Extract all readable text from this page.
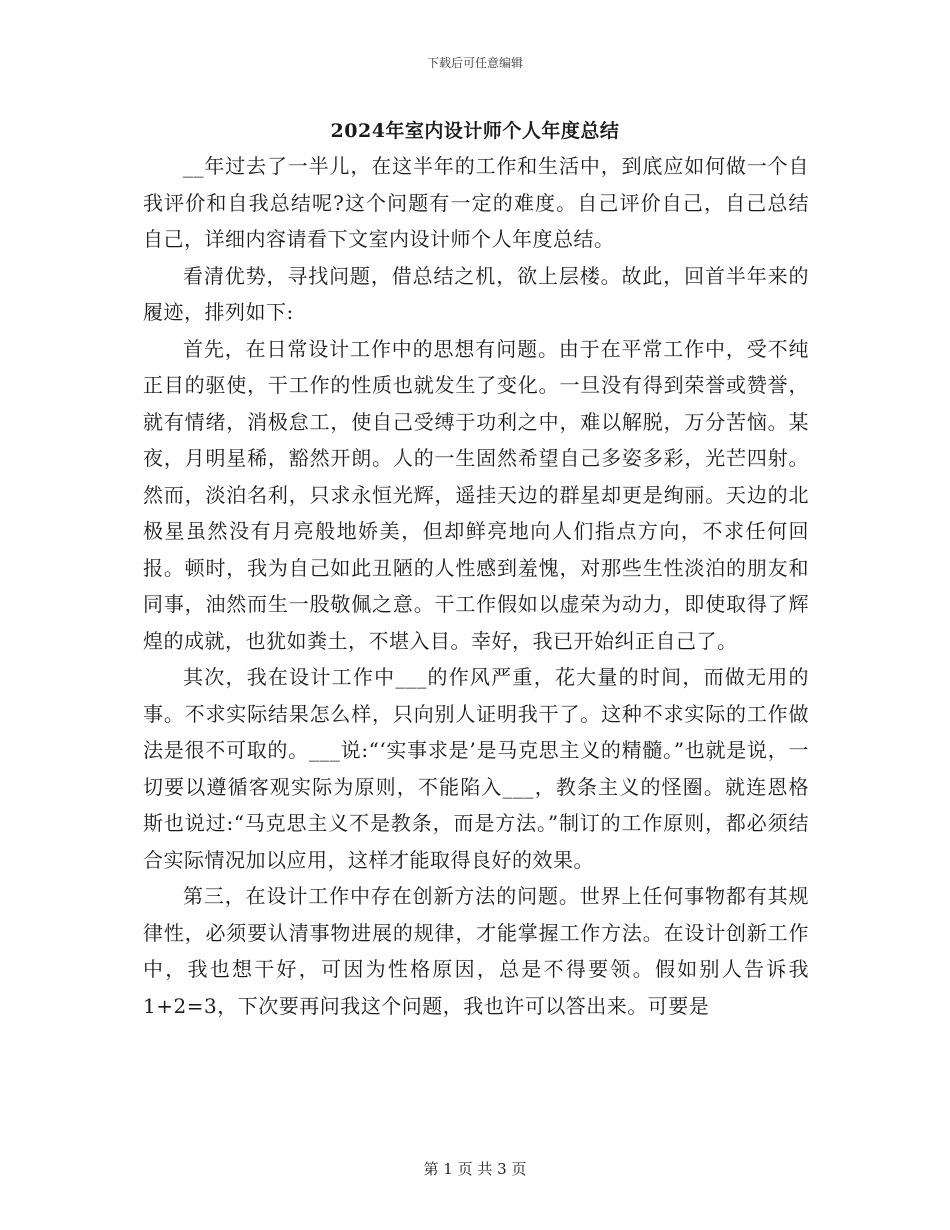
下载后可任意编辑
2024年室内设计师个人年度总结

__年过去了一半儿，在这半年的工作和生活中，到底应如何做一个自我评价和自我总结呢?这个问题有一定的难度。自己评价自己，自己总结自己，详细内容请看下文室内设计师个人年度总结。

看清优势，寻找问题，借总结之机，欲上层楼。故此，回首半年来的履迹，排列如下:

首先，在日常设计工作中的思想有问题。由于在平常工作中，受不纯正目的驱使，干工作的性质也就发生了变化。一旦没有得到荣誉或赞誉，就有情绪，消极怠工，使自己受缚于功利之中，难以解脱，万分苦恼。某夜，月明星稀，豁然开朗。人的一生固然希望自己多姿多彩，光芒四射。然而，淡泊名利，只求永恒光辉，遥挂天边的群星却更是绚丽。天边的北极星虽然没有月亮般地娇美，但却鲜亮地向人们指点方向，不求任何回报。顿时，我为自己如此丑陋的人性感到羞愧，对那些生性淡泊的朋友和同事，油然而生一股敬佩之意。干工作假如以虚荣为动力，即使取得了辉煌的成就，也犹如粪土，不堪入目。幸好，我已开始纠正自己了。

其次，我在设计工作中___的作风严重，花大量的时间，而做无用的事。不求实际结果怎么样，只向别人证明我干了。这种不求实际的工作做法是很不可取的。___说:“‘实事求是’是马克思主义的精髓。”也就是说，一切要以遵循客观实际为原则，不能陷入___，教条主义的怪圈。就连恩格斯也说过:“马克思主义不是教条，而是方法。”制订的工作原则，都必须结合实际情况加以应用，这样才能取得良好的效果。

第三，在设计工作中存在创新方法的问题。世界上任何事物都有其规律性，必须要认清事物进展的规律，才能掌握工作方法。在设计创新工作中，我也想干好，可因为性格原因，总是不得要领。假如别人告诉我1+2=3，下次要再问我这个问题，我也许可以答出来。可要是

第 1 页 共 3 页
